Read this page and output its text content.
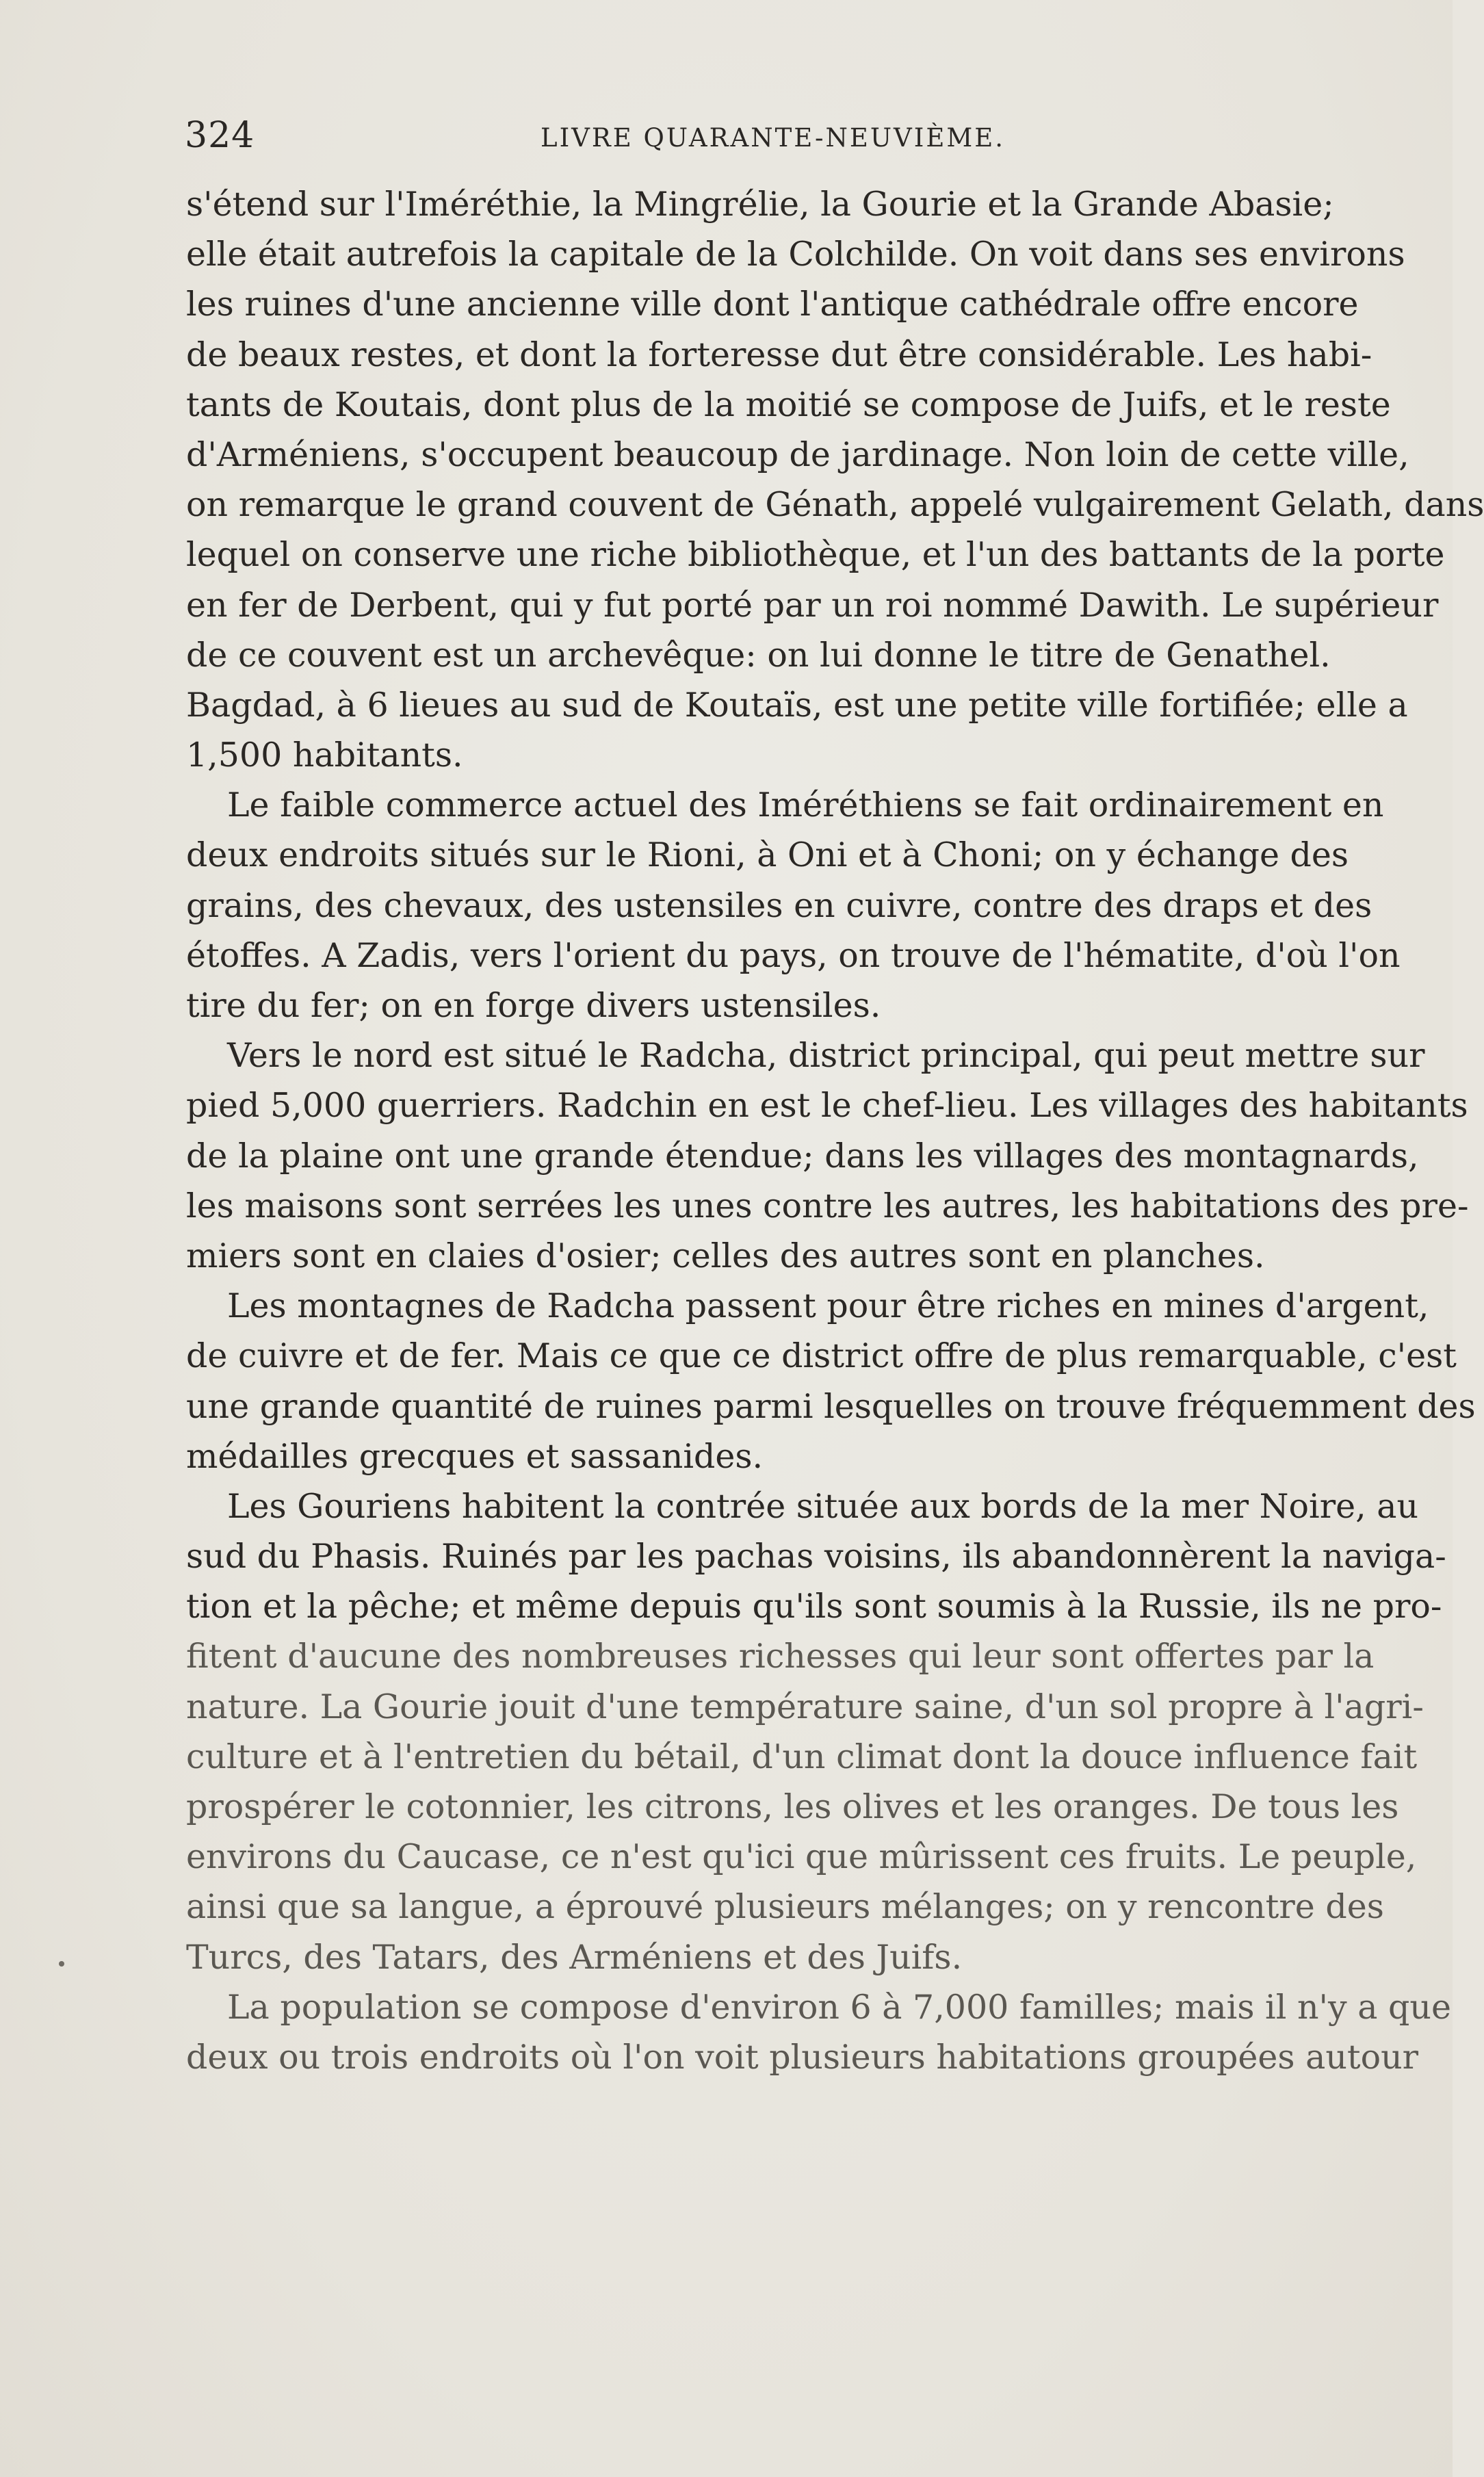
324	LIVRE QUARANTE-NEUVIÈME.
s'étend sur l'Iméréthie, la Mingrélie, la Gourie et la Grande Abasie;
elle était autrefois la capitale de la Colchilde. On voit dans ses environs
les ruines d'une ancienne ville dont l'antique cathédrale offre encore
de beaux restes, et dont la forteresse dut être considérable. Les habi-
tants de Koutais, dont plus de la moitié se compose de Juifs, et le reste
d'Arméniens, s'occupent beaucoup de jardinage. Non loin de cette ville,
on remarque le grand couvent de Génath, appelé vulgairement Gelath, dans
lequel on conserve une riche bibliothèque, et l'un des battants de la porte
en fer de Derbent, qui y fut porté par un roi nommé Dawith. Le supérieur
de ce couvent est un archevêque: on lui donne le titre de Genathel.
Bagdad, à 6 lieues au sud de Koutaïs, est une petite ville fortifiée; elle a
1,500 habitants.
Le faible commerce actuel des Iméréthiens se fait ordinairement en
deux endroits situés sur le Rioni, à Oni et à Choni; on y échange des
grains, des chevaux, des ustensiles en cuivre, contre des draps et des
étoffes. A Zadis, vers l'orient du pays, on trouve de l'hématite, d'où l'on
tire du fer; on en forge divers ustensiles.
Vers le nord est situé le Radcha, district principal, qui peut mettre sur
pied 5,000 guerriers. Radchin en est le chef-lieu. Les villages des habitants
de la plaine ont une grande étendue; dans les villages des montagnards,
les maisons sont serrées les unes contre les autres, les habitations des pre-
miers sont en claies d'osier; celles des autres sont en planches.
Les montagnes de Radcha passent pour être riches en mines d'argent,
de cuivre et de fer. Mais ce que ce district offre de plus remarquable, c'est
une grande quantité de ruines parmi lesquelles on trouve fréquemment des
médailles grecques et sassanides.
Les Gouriens habitent la contrée située aux bords de la mer Noire, au
sud du Phasis. Ruinés par les pachas voisins, ils abandonnèrent la naviga-
tion et la pêche; et même depuis qu'ils sont soumis à la Russie, ils ne pro-
fitent d'aucune des nombreuses richesses qui leur sont offertes par la
nature. La Gourie jouit d'une température saine, d'un sol propre à l'agri-
culture et à l'entretien du bétail, d'un climat dont la douce influence fait
prospérer le cotonnier, les citrons, les olives et les oranges. De tous les
environs du Caucase, ce n'est qu'ici que mûrissent ces fruits. Le peuple,
ainsi que sa langue, a éprouvé plusieurs mélanges; on y rencontre des
Turcs, des Tatars, des Arméniens et des Juifs.
La population se compose d'environ 6 à 7,000 familles; mais il n'y a que
deux ou trois endroits où l'on voit plusieurs habitations groupées autour
